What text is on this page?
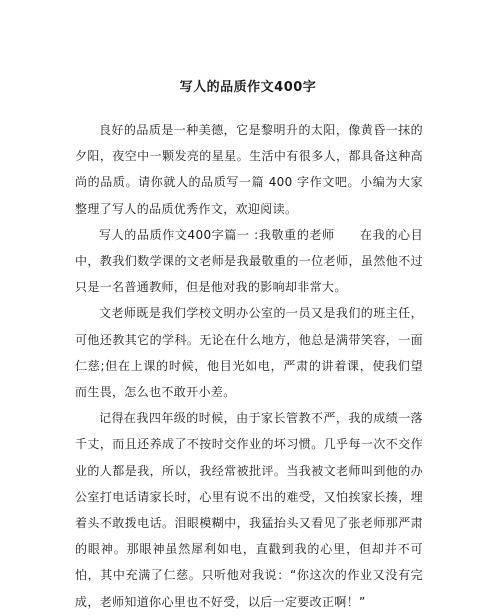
写人的品质作文400字

良好的品质是一种美德，它是黎明升的太阳，像黄昏一抹的夕阳，夜空中一颗发亮的星星。生活中有很多人，都具备这种高尚的品质。请你就人的品质写一篇 400 字作文吧。小编为大家整理了写人的品质优秀作文，欢迎阅读。

写人的品质作文400字篇一 :我敬重的老师　　在我的心目中，教我们数学课的文老师是我最敬重的一位老师，虽然他不过只是一名普通教师，但是他对我的影响却非常大。

文老师既是我们学校文明办公室的一员又是我们的班主任，可他还教其它的学科。无论在什么地方，他总是满带笑容，一面仁慈;但在上课的时候，他目光如电，严肃的讲着课，使我们望而生畏，怎么也不敢开小差。

记得在我四年级的时候，由于家长管教不严，我的成绩一落千丈，而且还养成了不按时交作业的坏习惯。几乎每一次不交作业的人都是我，所以，我经常被批评。当我被文老师叫到他的办公室打电话请家长时，心里有说不出的难受，又怕挨家长揍，埋着头不敢拨电话。泪眼模糊中，我猛抬头又看见了张老师那严肃的眼神。那眼神虽然犀利如电，直戳到我的心里，但却并不可怕，其中充满了仁慈。只听他对我说：“你这次的作业又没有完成，老师知道你心里也不好受，以后一定要改正啊！”
